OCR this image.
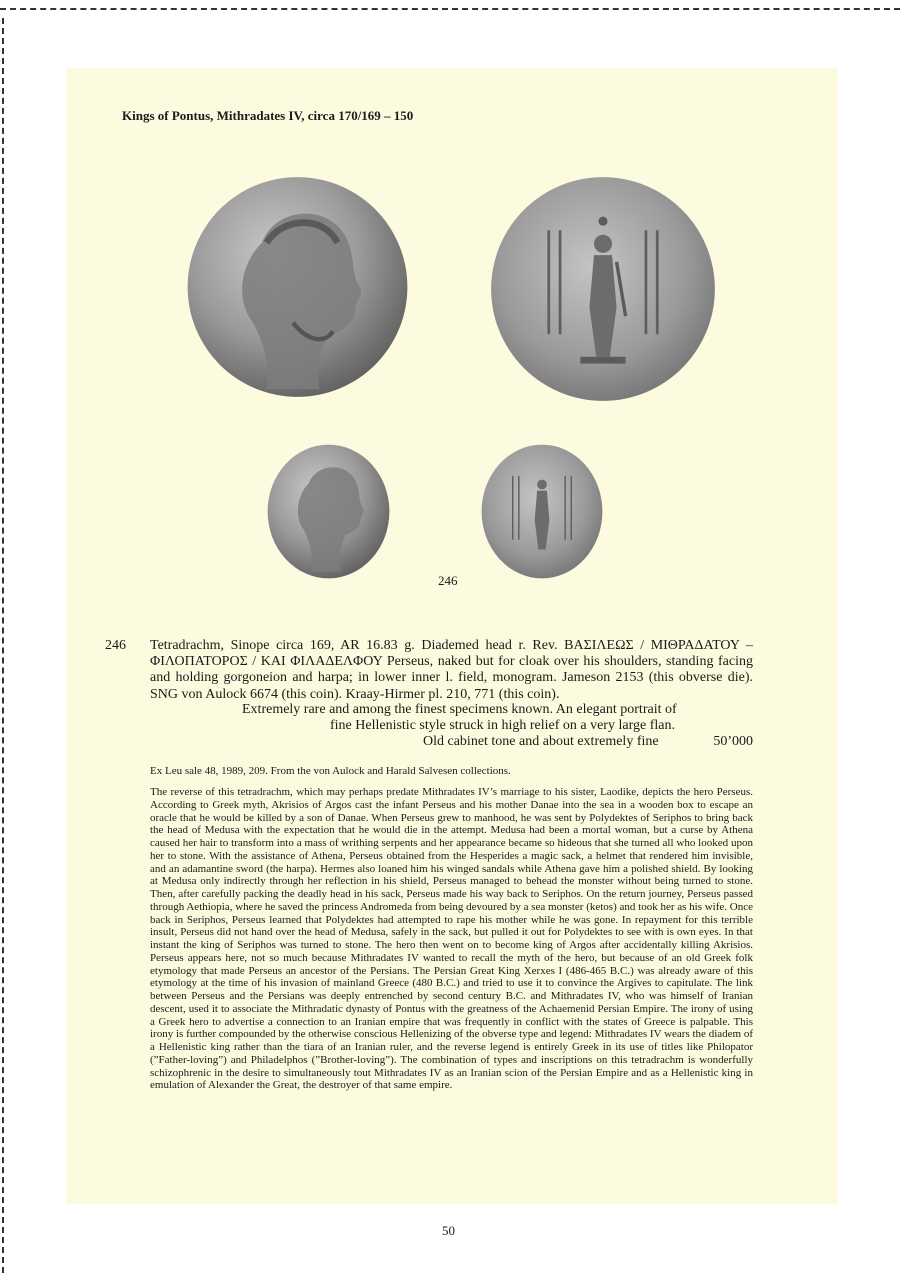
Kings of Pontus, Mithradates IV, circa 170/169 – 150
246
246 Tetradrachm, Sinope circa 169, AR 16.83 g. Diademed head r. Rev. ΒΑΣΙΛΕΩΣ / ΜΙΘΡΑΔΑΤΟΥ – ΦΙΛΟΠΑΤΟΡΟΣ / ΚΑΙ ΦΙΛΑΔΕΛΦΟΥ Perseus, naked but for cloak over his shoulders, standing facing and holding gorgoneion and harpa; in lower inner l. field, monogram. Jameson 2153 (this obverse die). SNG von Aulock 6674 (this coin). Kraay-Hirmer pl. 210, 771 (this coin).

Extremely rare and among the finest specimens known. An elegant portrait of
fine Hellenistic style struck in high relief on a very large flan.
Old cabinet tone and about extremely fine	50’000
Ex Leu sale 48, 1989, 209. From the von Aulock and Harald Salvesen collections.

The reverse of this tetradrachm, which may perhaps predate Mithradates IV’s marriage to his sister, Laodike, depicts the hero Perseus. According to Greek myth, Akrisios of Argos cast the infant Perseus and his mother Danae into the sea in a wooden box to escape an oracle that he would be killed by a son of Danae. When Perseus grew to manhood, he was sent by Polydektes of Seriphos to bring back the head of Medusa with the expectation that he would die in the attempt. Medusa had been a mortal woman, but a curse by Athena caused her hair to transform into a mass of writhing serpents and her appearance became so hideous that she turned all who looked upon her to stone. With the assistance of Athena, Perseus obtained from the Hesperides a magic sack, a helmet that rendered him invisible, and an adamantine sword (the harpa). Hermes also loaned him his winged sandals while Athena gave him a polished shield. By looking at Medusa only indirectly through her reflection in his shield, Perseus managed to behead the monster without being turned to stone. Then, after carefully packing the deadly head in his sack, Perseus made his way back to Seriphos. On the return journey, Perseus passed through Aethiopia, where he saved the princess Andromeda from being devoured by a sea monster (ketos) and took her as his wife. Once back in Seriphos, Perseus learned that Polydektes had attempted to rape his mother while he was gone. In repayment for this terrible insult, Perseus did not hand over the head of Medusa, safely in the sack, but pulled it out for Polydektes to see with is own eyes. In that instant the king of Seriphos was turned to stone. The hero then went on to become king of Argos after accidentally killing Akrisios. Perseus appears here, not so much because Mithradates IV wanted to recall the myth of the hero, but because of an old Greek folk etymology that made Perseus an ancestor of the Persians. The Persian Great King Xerxes I (486-465 B.C.) was already aware of this etymology at the time of his invasion of mainland Greece (480 B.C.) and tried to use it to convince the Argives to capitulate. The link between Perseus and the Persians was deeply entrenched by second century B.C. and Mithradates IV, who was himself of Iranian descent, used it to associate the Mithradatic dynasty of Pontus with the greatness of the Achaemenid Persian Empire. The irony of using a Greek hero to advertise a connection to an Iranian empire that was frequently in conflict with the states of Greece is palpable. This irony is further compounded by the otherwise conscious Hellenizing of the obverse type and legend: Mithradates IV wears the diadem of a Hellenistic king rather than the tiara of an Iranian ruler, and the reverse legend is entirely Greek in its use of titles like Philopator (”Father-loving”) and Philadelphos (”Brother-loving”). The combination of types and inscriptions on this tetradrachm is wonderfully schizophrenic in the desire to simultaneously tout Mithradates IV as an Iranian scion of the Persian Empire and as a Hellenistic king in emulation of Alexander the Great, the destroyer of that same empire.

50
